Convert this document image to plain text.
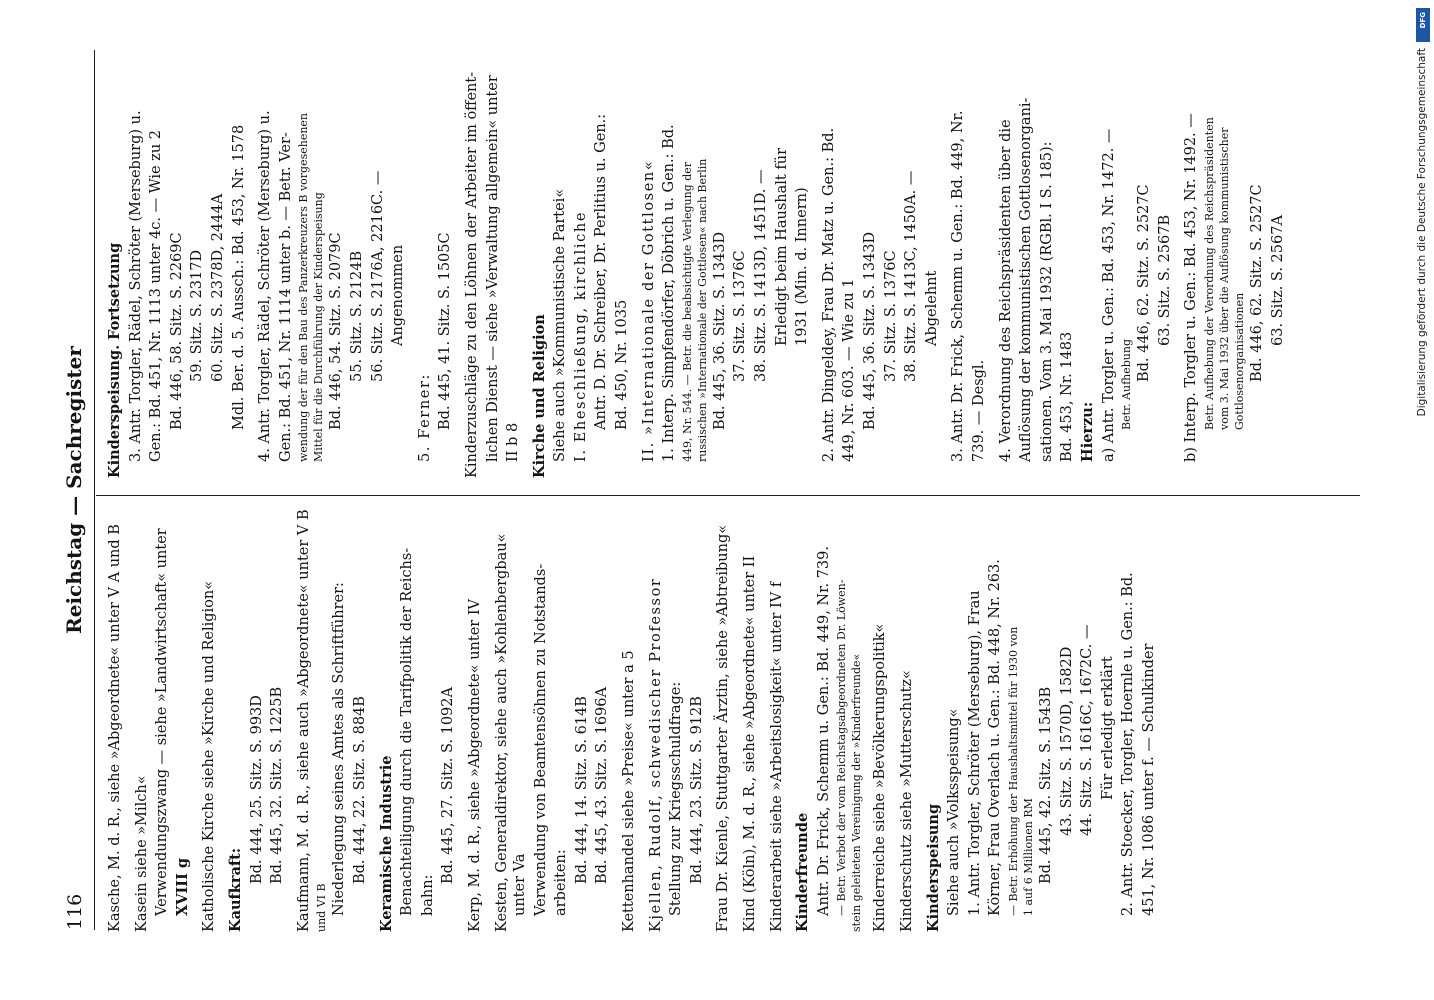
116
Reichstag — Sachregister
Kasche, M. d. R., siehe »Abgeordnete« unter V A und B Kasein siehe »Milch« Verwendungszwang — siehe »Landwirtschaft« unter XVIII g Katholische Kirche siehe »Kirche und Religion« Kaufkraft:
Bd. 444, 25. Sitz. S. 993D Bd. 445, 32. Sitz. S. 1225B Kaufmann, M. d. R., siehe auch »Abgeordnete« unter V B und VI B Niederlegung seines Amtes als Schriftführer: Bd. 444, 22. Sitz. S. 884B Keramische Industrie Benachteiligung durch die Tarifpolitik der Reichs- bahn:
Bd. 445, 27. Sitz. S. 1092A Kerp, M. d. R., siehe »Abgeordnete« unter IV Kesten, Generaldirektor, siehe auch »Kohlenbergbau« unter Va Verwendung von Beamtensöhnen zu Notstands- arbeiten: Bd. 444, 14. Sitz. S. 614B Bd. 445, 43. Sitz. S. 1696A Kettenhandel siehe »Preise« unter a 5 Kjellen, Rudolf, schwedischer Professor Stellung zur Kriegsschuldfrage: Bd. 444, 23. Sitz. S. 912B Frau Dr. Kienle, Stuttgarter Ärztin, siehe »Abtreibung« Kind (Köln), M. d. R., siehe »Abgeordnete« unter II Kinderarbeit siehe »Arbeitslosigkeit« unter IV f Kinderfreunde Antr. Dr. Frick, Schemm u. Gen.: Bd. 449, Nr. 739. — Betr. Verbot der vom Reichstagsabgeordneten Dr. Löwen- stein geleiteten Vereinigung der »Kinderfreunde« Kinderreiche siehe »Bevölkerungspolitik« Kinderschutz siehe »Mutterschutz« Kinderspeisung Siehe auch »Volksspeisung« 1. Antr. Torgler, Schröter (Merseburg), Frau Körner, Frau Overlach u. Gen.: Bd. 448, Nr. 263. — Betr. Erhöhung der Haushaltsmittel für 1930 von 1 auf 6 Millionen RM Bd. 445, 42. Sitz. S. 1543B 43. Sitz. S. 1570D, 1582D 44. Sitz. S. 1616C, 1672C. — Für erledigt erklärt 2. Antr. Stoecker, Torgler, Hoernle u. Gen.: Bd. 451, Nr. 1086 unter f. — Schulkinder
Kinderspeisung. Fortsetzung 3. Antr. Torgler, Rädel, Schröter (Merseburg) u. Gen.: Bd. 451, Nr. 1113 unter 4c. — Wie zu 2 Bd. 446, 58. Sitz. S. 2269C 59. Sitz. S. 2317D 60. Sitz. S. 2378D, 2444A Mdl. Ber. d. 5. Aussch.: Bd. 453, Nr. 1578 4. Antr. Torgler, Rädel, Schröter (Merseburg) u. Gen.: Bd. 451, Nr. 1114 unter b. — Betr. Ver- wendung der für den Bau des Panzerkreuzers B vorgesehenen Mittel für die Durchführung der Kinderspeisung Bd. 446, 54. Sitz. S. 2079C 55. Sitz. S. 2124B 56. Sitz. S. 2176A, 2216C. — Angenommen
5. Ferner: Bd. 445, 41. Sitz. S. 1505C Kinderzuschläge zu den Löhnen der Arbeiter im öffent- lichen Dienst — siehe »Verwaltung allgemein« unter II b 8 Kirche und Religion Siehe auch »Kommunistische Partei« I. Eheschließung, kirchliche Antr. D. Dr. Schreiber, Dr. Perlitius u. Gen.: Bd. 450, Nr. 1035 II. »Internationale der Gottlosen« 1. Interp. Simpfendörfer, Döbrich u. Gen.: Bd. 449, Nr. 544. — Betr. die beabsichtigte Verlegung der russischen »Internationale der Gottlosen« nach Berlin Bd. 445, 36. Sitz. S. 1343D 37. Sitz. S. 1376C 38. Sitz. S. 1413D, 1451D. — Erledigt beim Haushalt für 1931 (Min. d. Innern) 2. Antr. Dingeldey, Frau Dr. Matz u. Gen.: Bd. 449, Nr. 603. — Wie zu 1 Bd. 445, 36. Sitz. S. 1343D 37. Sitz. S. 1376C 38. Sitz. S. 1413C, 1450A. — Abgelehnt 3. Antr. Dr. Frick, Schemm u. Gen.: Bd. 449, Nr. 739. — Desgl. 4. Verordnung des Reichspräsidenten über die Auflösung der kommunistischen Gottlosenorgani- sationen. Vom 3. Mai 1932 (RGBl. I S. 185): Bd. 453, Nr. 1483 Hierzu: a) Antr. Torgler u. Gen.: Bd. 453, Nr. 1472. — Betr. Aufhebung
Bd. 446, 62. Sitz. S. 2527C 63. Sitz. S. 2567B b) Interp. Torgler u. Gen.: Bd. 453, Nr. 1492. — Betr. Aufhebung der Verordnung des Reichspräsidenten vom 3. Mai 1932 über die Auflösung kommunistischer Gottlosenorganisationen Bd. 446, 62. Sitz. S. 2527C 63. Sitz. S. 2567A
DFG
Digitalisierung gefördert durch die Deutsche Forschungsgemeinschaft
